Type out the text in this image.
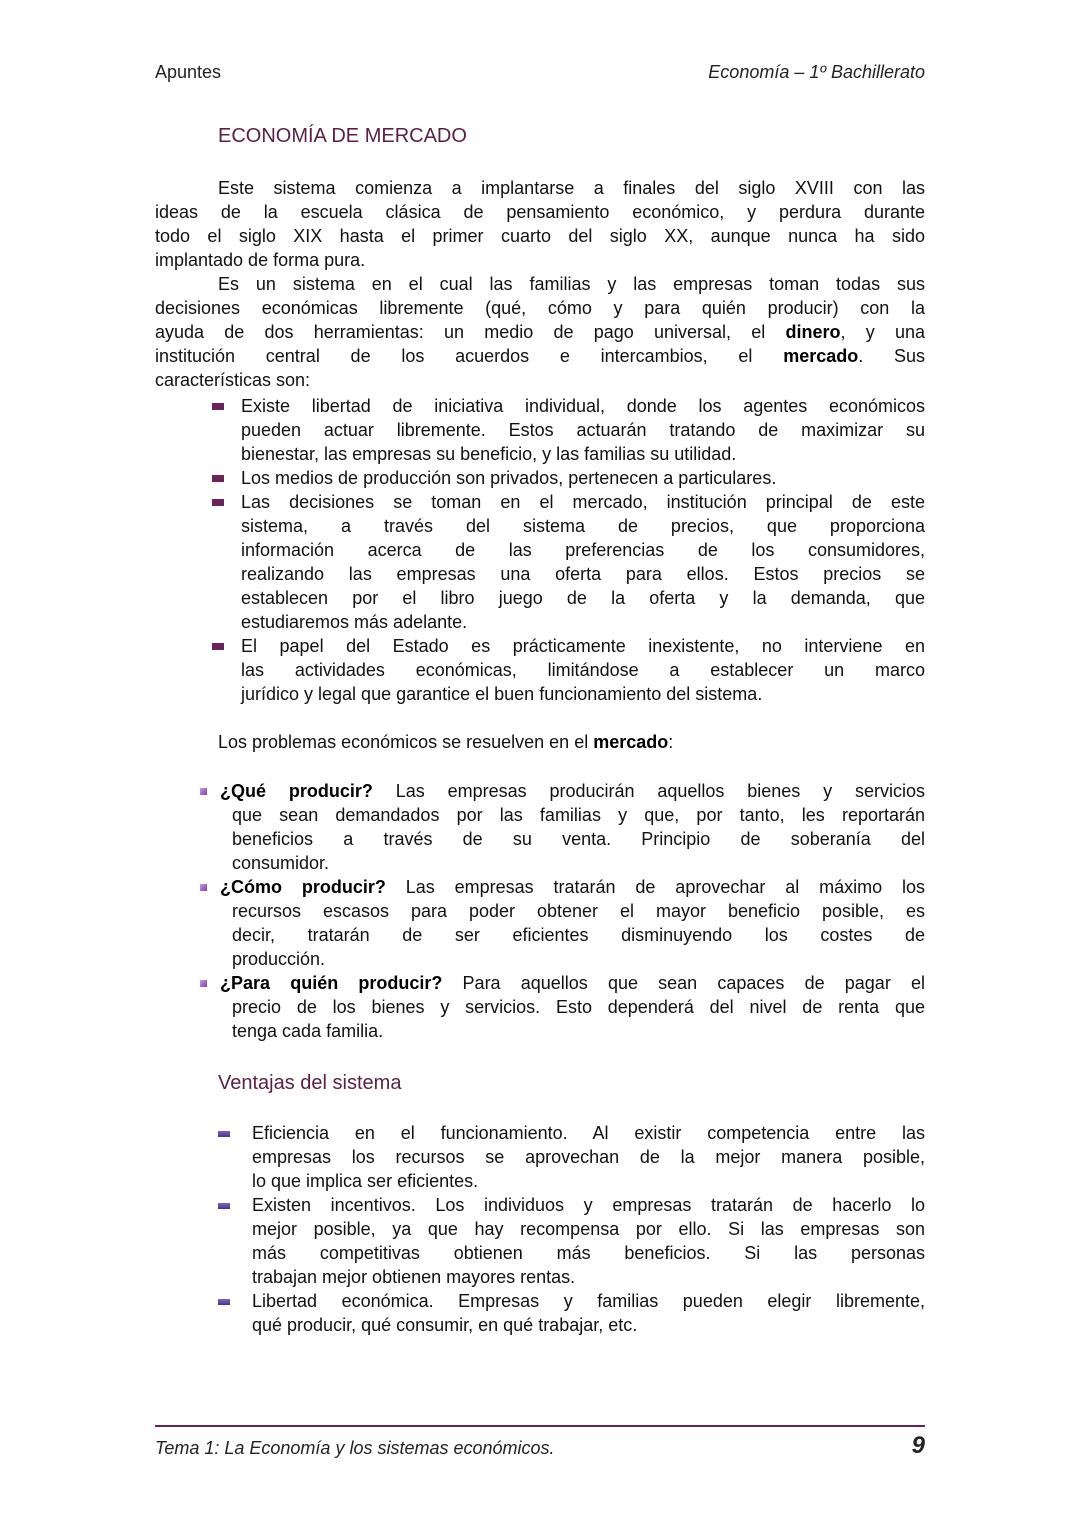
Apuntes	Economía – 1º Bachillerato
ECONOMÍA DE MERCADO
Este sistema comienza a implantarse a finales del siglo XVIII con las
ideas de la escuela clásica de pensamiento económico, y perdura durante
todo el siglo XIX hasta el primer cuarto del siglo XX, aunque nunca ha sido
implantado de forma pura.
Es un sistema en el cual las familias y las empresas toman todas sus
decisiones económicas libremente (qué, cómo y para quién producir) con la
ayuda de dos herramientas: un medio de pago universal, el dinero, y una
institución central de los acuerdos e intercambios, el mercado. Sus
características son:
Existe libertad de iniciativa individual, donde los agentes económicos
pueden actuar libremente. Estos actuarán tratando de maximizar su
bienestar, las empresas su beneficio, y las familias su utilidad.
Los medios de producción son privados, pertenecen a particulares.
Las decisiones se toman en el mercado, institución principal de este
sistema, a través del sistema de precios, que proporciona
información acerca de las preferencias de los consumidores,
realizando las empresas una oferta para ellos. Estos precios se
establecen por el libro juego de la oferta y la demanda, que
estudiaremos más adelante.
El papel del Estado es prácticamente inexistente, no interviene en
las actividades económicas, limitándose a establecer un marco
jurídico y legal que garantice el buen funcionamiento del sistema.
Los problemas económicos se resuelven en el mercado:
¿Qué producir? Las empresas producirán aquellos bienes y servicios
que sean demandados por las familias y que, por tanto, les reportarán
beneficios a través de su venta. Principio de soberanía del
consumidor.
¿Cómo producir? Las empresas tratarán de aprovechar al máximo los
recursos escasos para poder obtener el mayor beneficio posible, es
decir, tratarán de ser eficientes disminuyendo los costes de
producción.
¿Para quién producir? Para aquellos que sean capaces de pagar el
precio de los bienes y servicios. Esto dependerá del nivel de renta que
tenga cada familia.
Ventajas del sistema
Eficiencia en el funcionamiento. Al existir competencia entre las
empresas los recursos se aprovechan de la mejor manera posible,
lo que implica ser eficientes.
Existen incentivos. Los individuos y empresas tratarán de hacerlo lo
mejor posible, ya que hay recompensa por ello. Si las empresas son
más competitivas obtienen más beneficios. Si las personas
trabajan mejor obtienen mayores rentas.
Libertad económica. Empresas y familias pueden elegir libremente,
qué producir, qué consumir, en qué trabajar, etc.
Tema 1: La Economía y los sistemas económicos.	9
